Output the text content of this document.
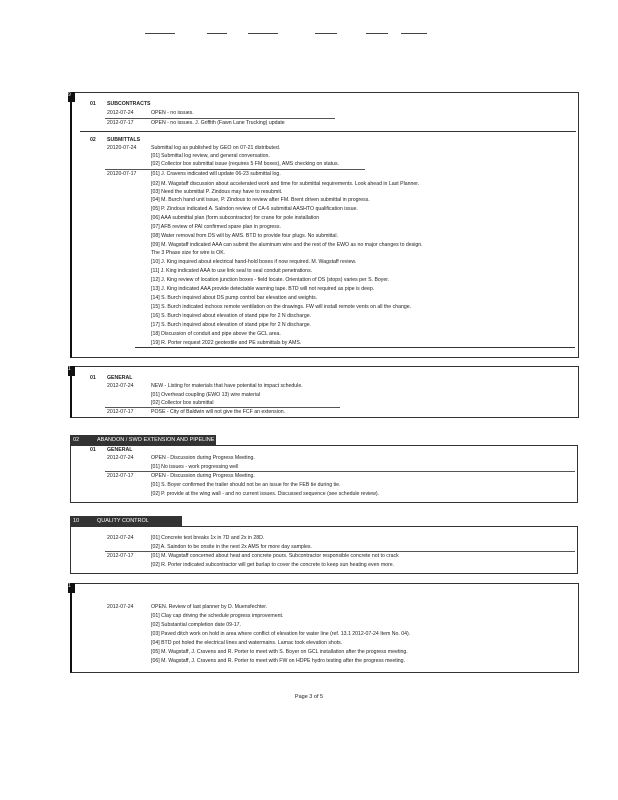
9
01 SUBCONTRACTS
2012-07-24	OPEN - no issues.
2012-07-17	OPEN - no issues. J. Griffith (Fawn Lane Trucking) update
02 SUBMITTALS
20120-07-24	Submittal log as published by GEO on 07-21 distributed.
[01] Submittal log review, and general conversation.
[02] Collector box submittal issue (requires 5 FM boxes), AMS checking on status.
20120-07-17	[01] J. Cravens indicated will update 06-23 submittal log.
[02] M. Wagstaff discussion about accelerated work and time for submittal requirements. Look ahead in Last Planner.
[03] Need the submittal P. Zindous may have to resubmit.
[04] M. Burch hand unit issue, P. Zindous to review after FM. Brent driven submittal in progress.
[05] P. Zindous indicated A. Salndon review of CA-6 submittal AASHTO qualification issue.
[06] AAA submittal plan (form subcontractor) for crane for pole installation
[07] AFB review of PAI confirmed spare plan in progress.
[08] Water removal from DS will by AMS. BTD to provide four plugs. No submittal.
[09] M. Wagstaff indicated AAA can submit the aluminum wire and the rest of the EWO as no major changes to design.
The 3 Phase size for wire is OK.
[10] J. King inquired about electrical hand-hold boxes if now required. M. Wagstaff review.
[11] J. King indicated AAA to use link seal to seal conduit penetrations.
[12] J. King review of location junction boxes - field locate. Orientation of DS (stops) varies per S. Boyer.
[13] J. King indicated AAA provide detectable warning tape. BTD will not required as pipe is deep.
[14] S. Burch inquired about DS pump control bar elevation and weights.
[15] S. Burch indicated inchoos remote ventilation on the drawings. FW will install remote vents on all the change.
[16] S. Burch inquired about elevation of stand pipe for 2 N discharge.
[17] S. Burch inquired about elevation of stand pipe for 2 N discharge.
[18] Discussion of conduit and pipe above the GCL area.
[19] R. Porter request 2022 geotextile and PE submittals by AMS.
1
01 GENERAL
2012-07-24	NEW - Listing for materials that have potential to impact schedule.
[01] Overhead coupling (EWO 13) wire material
[02] Collector box submittal
2012-07-17	POSE - City of Baldwin will not give the FCF an extension.
02	ABANDON / SWO EXTENSION AND PIPELINE
01 GENERAL
2012-07-24	OPEN - Discussion during Progress Meeting.
[01] No issues - work progressing well
2012-07-17	OPEN - Discussion during Progress Meeting.
[01] S. Boyer confirmed the trailer should not be an issue for the FEB tie during tie.
[02] P. provide at the wing wall - and no current issues. Discussed sequence (see schedule review).
10	QUALITY CONTROL
2012-07-24	[01] Concrete test breaks 1x in 7D and 2x in 28D.
[02] A. Saindon to be onsite in the next 2x AMS for more day samples.
2012-07-17	[01] M. Wagstaff concerned about heat and concrete pours. Subcontractor responsible concrete not to crack
[02] R. Porter indicated subcontractor will get burlap to cover the concrete to keep sun heating even more.
1
2012-07-24	OPEN. Review of last planner by D. Muensfechter.
[01] Clay cap driving the schedule progress improvement.
[02] Substantial completion date 09-17.
[03] Paved ditch work on hold in area where conflict of elevation for water line (ref. 13.1 2012-07-24 Item No. 04).
[04] BTD pot holed the electrical lines and watermains. Lamac took elevation shots.
[05] M. Wagstaff, J. Cravens and R. Porter to meet with S. Boyer on GCL installation after the progress meeting.
[06] M. Wagstaff, J. Cravens and R. Porter to meet with FW on HDPE hydro testing after the progress meeting.
Page 3 of 5
